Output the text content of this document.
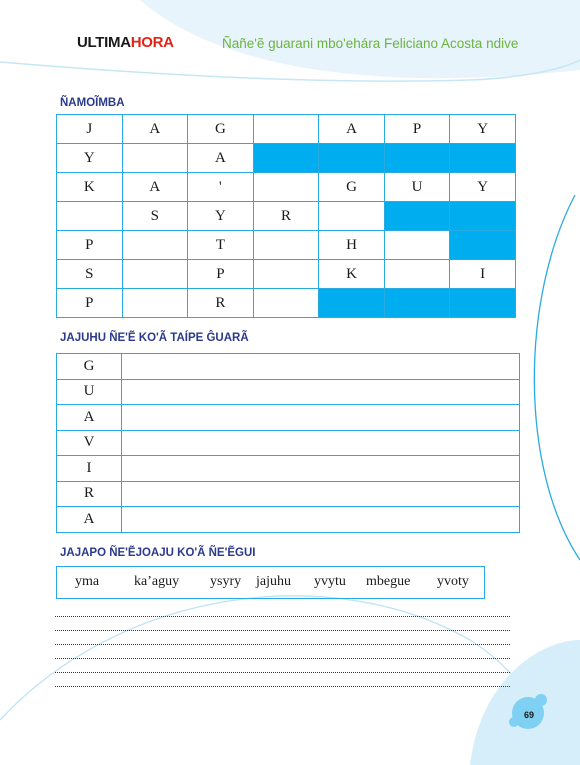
ULTIMAHORA	Ñañe'ẽ guarani mbo'ehára Feliciano Acosta ndive
ÑAMOĨMBA
J	A	G		A	P	Y
Y		A				
K	A	'		G	U	Y
	S	Y	R			
P		T		H		
S		P		K		I
P		R				
JAJUHU ÑE'Ẽ KO'Ã TAÍPE ĜUARÃ
G	
U	
A	
V	
I	
R	
A	
JAJAPO ÑE'ẼJOAJU KO'Ã ÑE'ẼGUI
yma ka’aguy ysyry jajuhu yvytu mbegue yvoty
69
